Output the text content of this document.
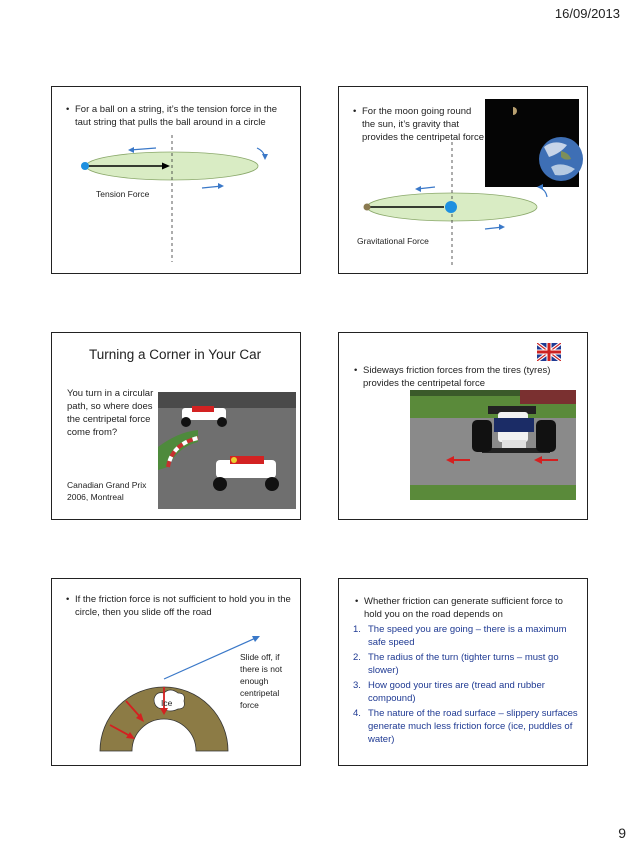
16/09/2013
• For a ball on a string, it’s the tension force in the taut string that pulls the ball around in a circle
Tension Force
• For the moon going round the sun, it’s gravity that provides the centripetal force
Gravitational Force
Turning a Corner in Your Car
You turn in a circular path, so where does the centripetal force come from?
Canadian Grand Prix 2006, Montreal
• Sideways friction forces from the tires (tyres) provides the centripetal force
• If the friction force is not sufficient to hold you in the circle, then you slide off the road
Ice
Slide off, if there is not enough centripetal force
• Whether friction can generate sufficient force to hold you on the road depends on
1. The speed you are going – there is a maximum safe speed
2. The radius of the turn (tighter turns – must go slower)
3. How good your tires are (tread and rubber compound)
4. The nature of the road surface – slippery surfaces generate much less friction force (ice, puddles of water)
9
